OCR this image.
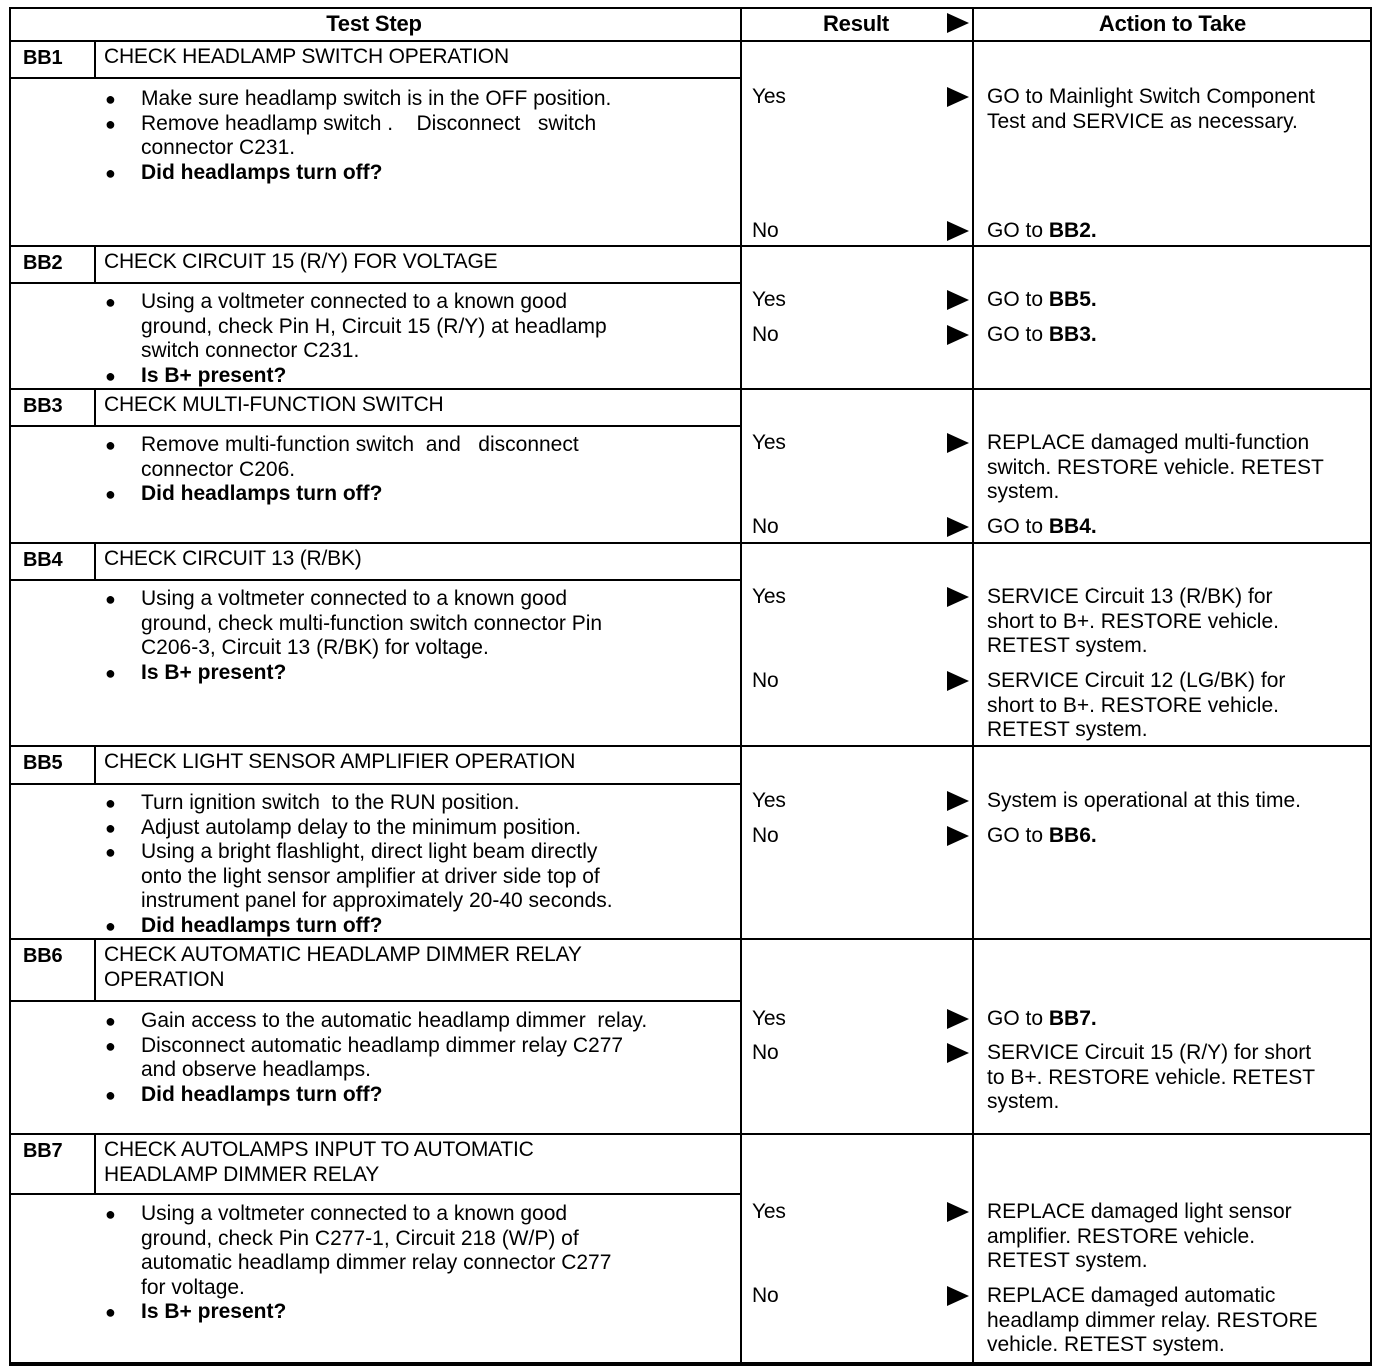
Test Step	Result	Action to Take
BB1 CHECK HEADLAMP SWITCH OPERATION
● Make sure headlamp switch is in the OFF position.
● Remove headlamp switch .    Disconnect   switch
connector C231.
● Did headlamps turn off?
Yes	GO to Mainlight Switch Component
Test and SERVICE as necessary.
No	GO to BB2.
BB2 CHECK CIRCUIT 15 (R/Y) FOR VOLTAGE
● Using a voltmeter connected to a known good
ground, check Pin H, Circuit 15 (R/Y) at headlamp
switch connector C231.
● Is B+ present?
Yes	GO to BB5.
No	GO to BB3.
BB3 CHECK MULTI-FUNCTION SWITCH
● Remove multi-function switch  and   disconnect
connector C206.
● Did headlamps turn off?
Yes	REPLACE damaged multi-function
switch. RESTORE vehicle. RETEST
system.
No	GO to BB4.
BB4 CHECK CIRCUIT 13 (R/BK)
● Using a voltmeter connected to a known good
ground, check multi-function switch connector Pin
C206-3, Circuit 13 (R/BK) for voltage.
● Is B+ present?
Yes	SERVICE Circuit 13 (R/BK) for
short to B+. RESTORE vehicle.
RETEST system.
No	SERVICE Circuit 12 (LG/BK) for
short to B+. RESTORE vehicle.
RETEST system.
BB5 CHECK LIGHT SENSOR AMPLIFIER OPERATION
● Turn ignition switch  to the RUN position.
● Adjust autolamp delay to the minimum position.
● Using a bright flashlight, direct light beam directly
onto the light sensor amplifier at driver side top of
instrument panel for approximately 20-40 seconds.
● Did headlamps turn off?
Yes	System is operational at this time.
No	GO to BB6.
BB6 CHECK AUTOMATIC HEADLAMP DIMMER RELAY
OPERATION
● Gain access to the automatic headlamp dimmer  relay.
● Disconnect automatic headlamp dimmer relay C277
and observe headlamps.
● Did headlamps turn off?
Yes	GO to BB7.
No	SERVICE Circuit 15 (R/Y) for short
to B+. RESTORE vehicle. RETEST
system.
BB7 CHECK AUTOLAMPS INPUT TO AUTOMATIC
HEADLAMP DIMMER RELAY
● Using a voltmeter connected to a known good
ground, check Pin C277-1, Circuit 218 (W/P) of
automatic headlamp dimmer relay connector C277
for voltage.
● Is B+ present?
Yes	REPLACE damaged light sensor
amplifier. RESTORE vehicle.
RETEST system.
No	REPLACE damaged automatic
headlamp dimmer relay. RESTORE
vehicle. RETEST system.
